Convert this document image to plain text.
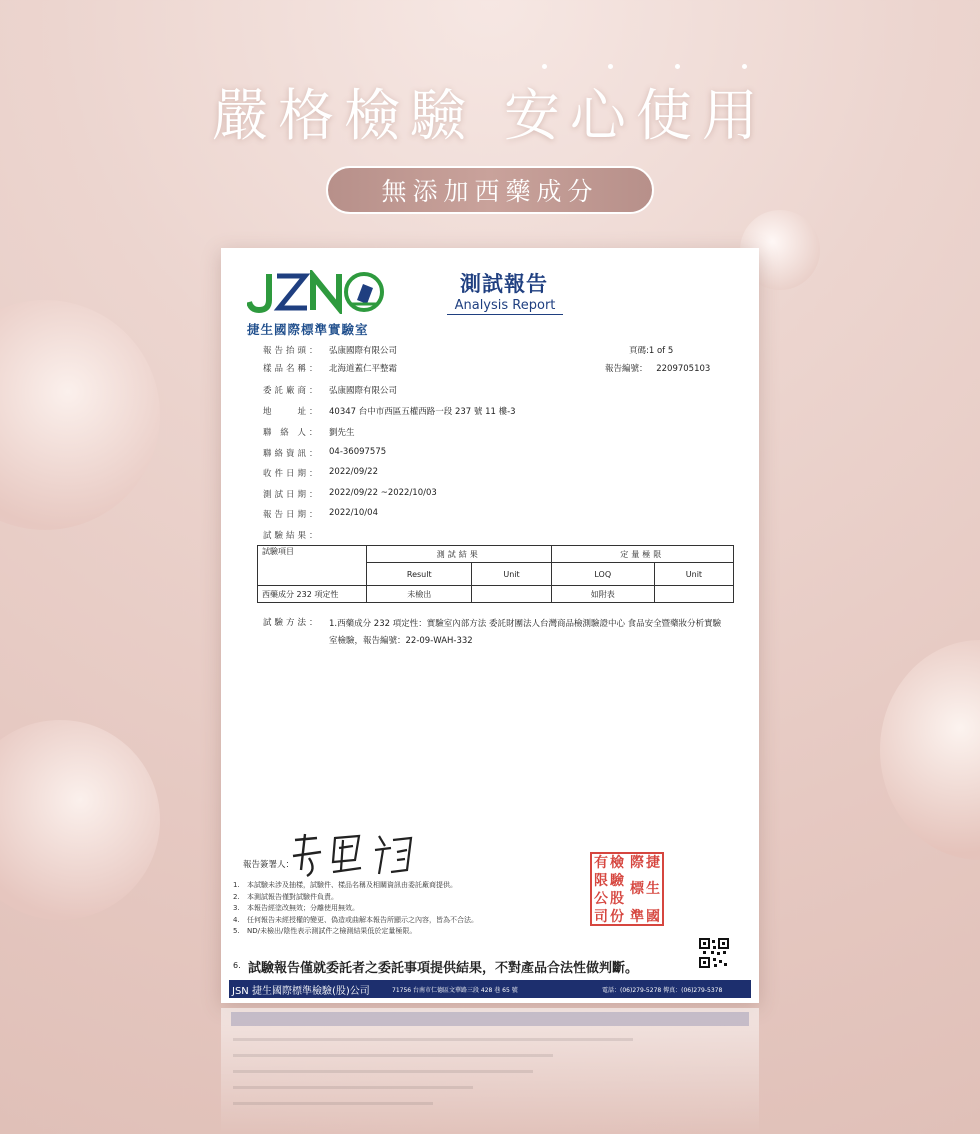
嚴格檢驗 安心使用
無添加西藥成分
捷生國際標準實驗室
測試報告
Analysis Report
頁碼:1 of 5
報告編號： 2209705103
報告抬頭： 弘康國際有限公司
樣品名稱： 北海道蓋仁平整霜
委託廠商： 弘康國際有限公司
地　　址： 40347 台中市西區五權西路一段 237 號 11 樓-3
聯 絡 人：	劉先生
聯絡資訊： 04-36097575
收件日期： 2022/09/22
測試日期： 2022/09/22 ~2022/10/03
報告日期： 2022/10/04
試驗結果：
試驗項目	測試結果		定量極限	
	Result	Unit	LOQ	Unit
西藥成分 232 項定性	未檢出		如附表	
試驗方法： 1.西藥成分 232 項定性：實驗室內部方法 委託財團法人台灣商品檢測驗證中心 食品安全暨藥妝分析實驗室檢驗，報告編號：22-09-WAH-332
報告簽署人：	有 檢 際 捷
限 驗 標 生
公 股
司 份 準 國
1.	本試驗未涉及抽樣，試驗件、樣品名稱及相關資訊由委託廠商提供。
2.	本測試報告僅對試驗件負責。
3.	本報告經塗改無效；分離使用無效。
4.	任何報告未經授權的變更、偽造或曲解本報告所顯示之內容，皆為不合法。
5.	ND/未檢出/陰性表示測試件之檢測結果低於定量極限。
6. 試驗報告僅就委託者之委託事項提供結果，不對產品合法性做判斷。
JSN 捷生國際標準檢驗(股)公司	71756 台南市仁德區文華路三段 428 巷 65 號	電話：(06)279-5278 傳真：(06)279-5378
